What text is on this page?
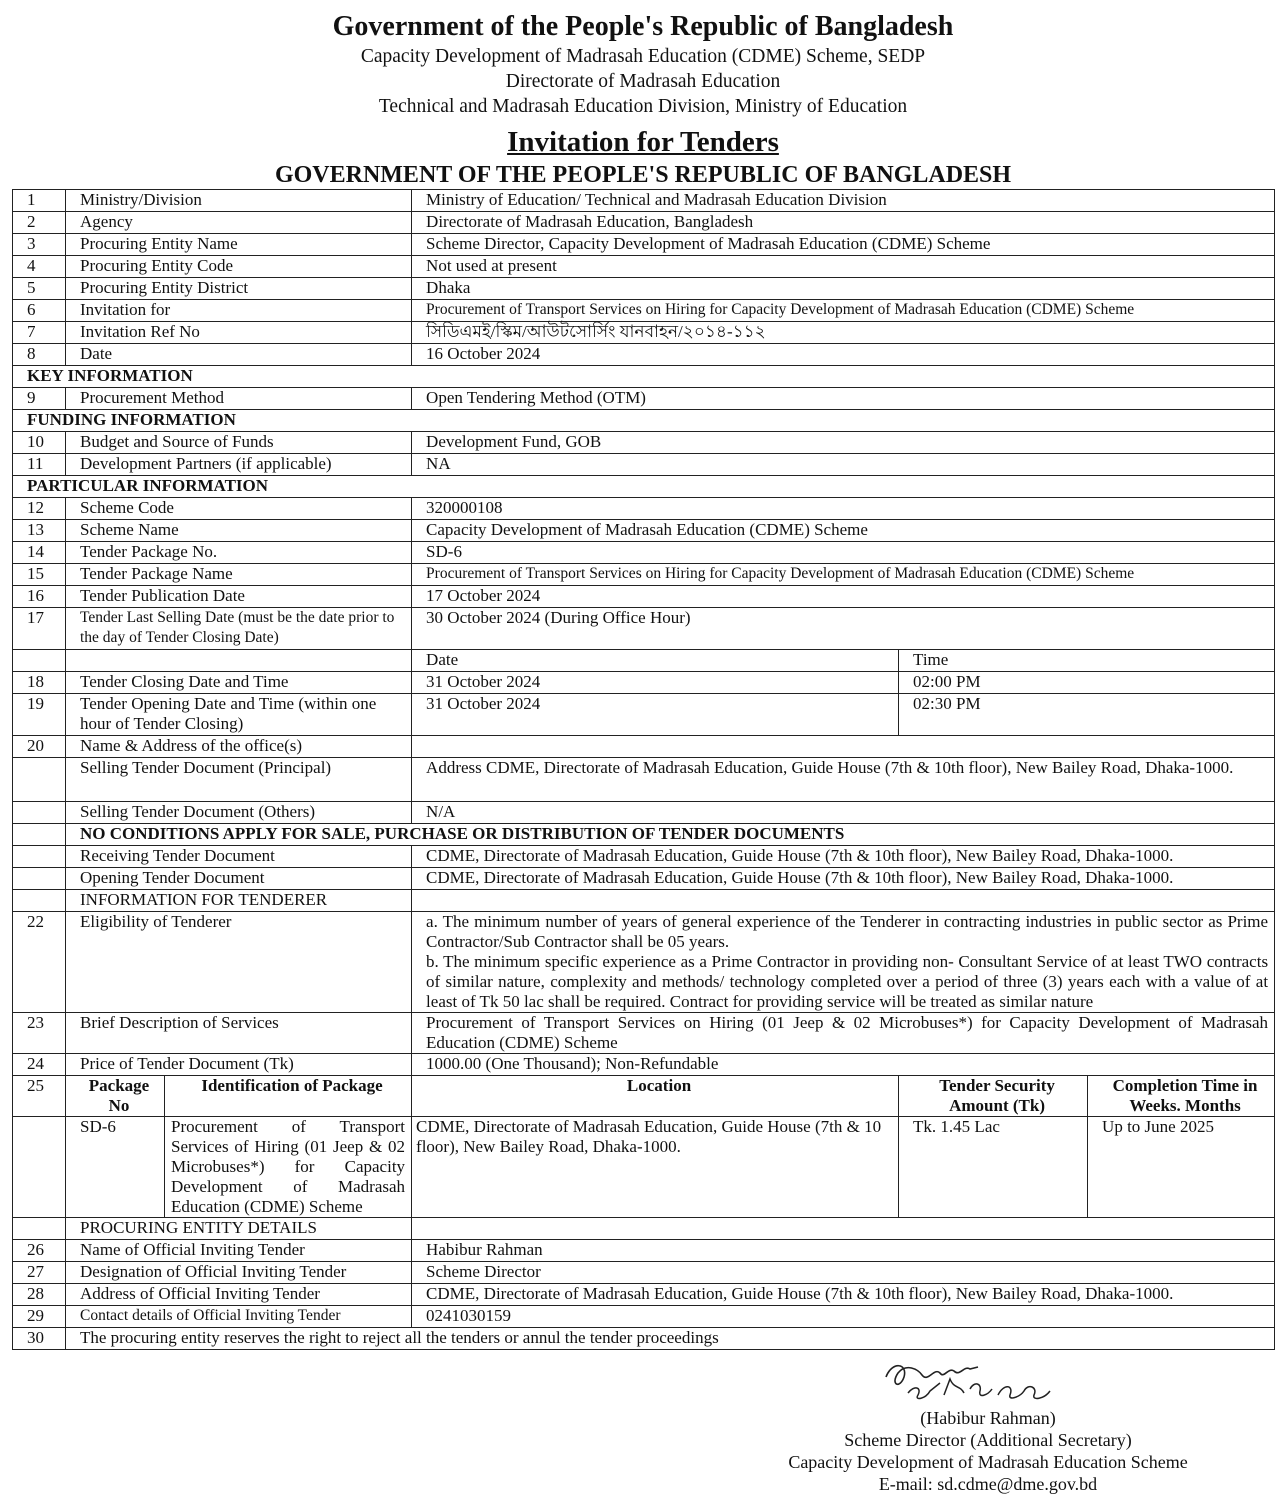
Government of the People's Republic of Bangladesh
Capacity Development of Madrasah Education (CDME) Scheme, SEDP
Directorate of Madrasah Education
Technical and Madrasah Education Division, Ministry of Education
Invitation for Tenders
GOVERNMENT OF THE PEOPLE'S REPUBLIC OF BANGLADESH
1	Ministry/Division		Ministry of Education/ Technical and Madrasah Education Division		
2	Agency		Directorate of Madrasah Education, Bangladesh		
3	Procuring Entity Name		Scheme Director, Capacity Development of Madrasah Education (CDME) Scheme		
4	Procuring Entity Code		Not used at present		
5	Procuring Entity District		Dhaka		
6	Invitation for		Procurement of Transport Services on Hiring for Capacity Development of Madrasah Education (CDME) Scheme		
7	Invitation Ref No		সিডিএমই/স্কিম/আউটসোর্সিং যানবাহন/২০১৪-১১২		
8	Date		16 October 2024		
KEY INFORMATION					
9	Procurement Method		Open Tendering Method (OTM)		
FUNDING INFORMATION					
10	Budget and Source of Funds		Development Fund, GOB		
11	Development Partners (if applicable)		NA		
PARTICULAR INFORMATION					
12	Scheme Code		320000108		
13	Scheme Name		Capacity Development of Madrasah Education (CDME) Scheme		
14	Tender Package No.		SD-6		
15	Tender Package Name		Procurement of Transport Services on Hiring for Capacity Development of Madrasah Education (CDME) Scheme		
16	Tender Publication Date		17 October 2024		
17	Tender Last Selling Date (must be the date prior to the day of Tender Closing Date)		30 October 2024 (During Office Hour)		
			Date	Time	
18	Tender Closing Date and Time		31 October 2024	02:00 PM	
19	Tender Opening Date and Time (within one hour of Tender Closing)		31 October 2024	02:30 PM	
20	Name & Address of the office(s)				
	Selling Tender Document (Principal)		Address CDME, Directorate of Madrasah Education, Guide House (7th & 10th floor), New Bailey Road, Dhaka-1000.		
	Selling Tender Document (Others)		N/A		
	NO CONDITIONS APPLY FOR SALE, PURCHASE OR DISTRIBUTION OF TENDER DOCUMENTS				
	Receiving Tender Document		CDME, Directorate of Madrasah Education, Guide House (7th & 10th floor), New Bailey Road, Dhaka-1000.		
	Opening Tender Document		CDME, Directorate of Madrasah Education, Guide House (7th & 10th floor), New Bailey Road, Dhaka-1000.		
	INFORMATION FOR TENDERER				
22	Eligibility of Tenderer		a. The minimum number of years of general experience of the Tenderer in contracting industries in public sector as Prime Contractor/Sub Contractor shall be 05 years.
b. The minimum specific experience as a Prime Contractor in providing non- Consultant Service of at least TWO contracts of similar nature, complexity and methods/ technology completed over a period of three (3) years each with a value of at least of Tk 50 lac shall be required. Contract for providing service will be treated as similar nature		

23	Brief Description of Services		Procurement of Transport Services on Hiring (01 Jeep & 02 Microbuses*) for Capacity Development of Madrasah Education (CDME) Scheme		
24	Price of Tender Document (Tk)		1000.00 (One Thousand); Non-Refundable		
25	Package No	Identification of Package	Location	Tender Security Amount (Tk)	Completion Time in Weeks. Months
	SD-6	Procurement of Transport Services of Hiring (01 Jeep & 02 Microbuses*) for Capacity Development of Madrasah Education (CDME) Scheme	CDME, Directorate of Madrasah Education, Guide House (7th & 10 floor), New Bailey Road, Dhaka-1000.	Tk. 1.45 Lac	Up to June 2025
	PROCURING ENTITY DETAILS				
26	Name of Official Inviting Tender		Habibur Rahman		
27	Designation of Official Inviting Tender		Scheme Director		
28	Address of Official Inviting Tender		CDME, Directorate of Madrasah Education, Guide House (7th & 10th floor), New Bailey Road, Dhaka-1000.		
29	Contact details of Official Inviting Tender		0241030159		
30	The procuring entity reserves the right to reject all the tenders or annul the tender proceedings				
(Habibur Rahman)
Scheme Director (Additional Secretary)
Capacity Development of Madrasah Education Scheme
E-mail: sd.cdme@dme.gov.bd
